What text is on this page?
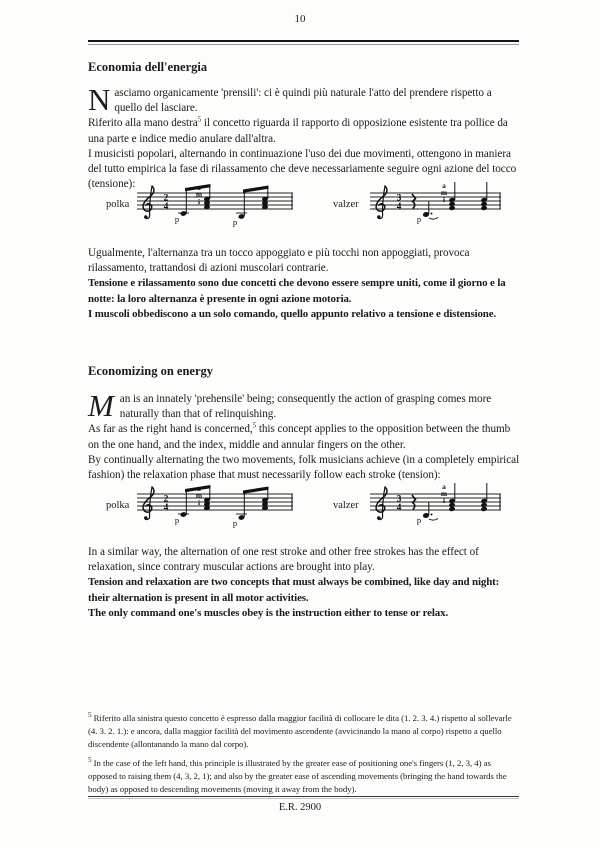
10
Economia dell'energia

Nasciamo organicamente 'prensili': ci è quindi più naturale l'atto del prendere rispetto a quello del lasciare.

Riferito alla mano destra$^5$ il concetto riguarda il rapporto di opposizione esistente tra pollice da una parte e indice medio anulare dall'altra.

I musicisti popolari, alternando in continuazione l'uso dei due movimenti, ottengono in maniera del tutto empirica la fase di rilassamento che deve necessariamente seguire ogni azione del tocco (tensione):

polka	valzer

Ugualmente, l'alternanza tra un tocco appoggiato e più tocchi non appoggiati, provoca rilassamento, trattandosi di azioni muscolari contrarie.

Tensione e rilassamento sono due concetti che devono essere sempre uniti, come il giorno e la notte: la loro alternanza è presente in ogni azione motoria.

I muscoli obbediscono a un solo comando, quello appunto relativo a tensione e distensione.

Economizing on energy

Man is an innately 'prehensile' being; consequently the action of grasping comes more naturally than that of relinquishing.

As far as the right hand is concerned,$^5$ this concept applies to the opposition between the thumb on the one hand, and the index, middle and annular fingers on the other.

By continually alternating the two movements, folk musicians achieve (in a completely empirical fashion) the relaxation phase that must necessarily follow each stroke (tension):

polka	valzer

In a similar way, the alternation of one rest stroke and other free strokes has the effect of relaxation, since contrary muscular actions are brought into play.

Tension and relaxation are two concepts that must always be combined, like day and night: their alternation is present in all motor activities.

The only command one's muscles obey is the instruction either to tense or relax.

$^5$ Riferito alla sinistra questo concetto è espresso dalla maggior facilità di collocare le dita (1. 2. 3. 4.) rispetto al sollevarle (4. 3. 2. 1.): e ancora, dalla maggior facilità del movimento ascendente (avvicinando la mano al corpo) rispetto a quello discendente (allontanando la mano dal corpo).

$^5$ In the case of the left hand, this principle is illustrated by the greater ease of positioning one's fingers (1, 2, 3, 4) as opposed to raising them (4, 3, 2, 1); and also by the greater ease of ascending movements (bringing the hand towards the body) as opposed to descending movements (moving it away from the body).

E.R. 2900
